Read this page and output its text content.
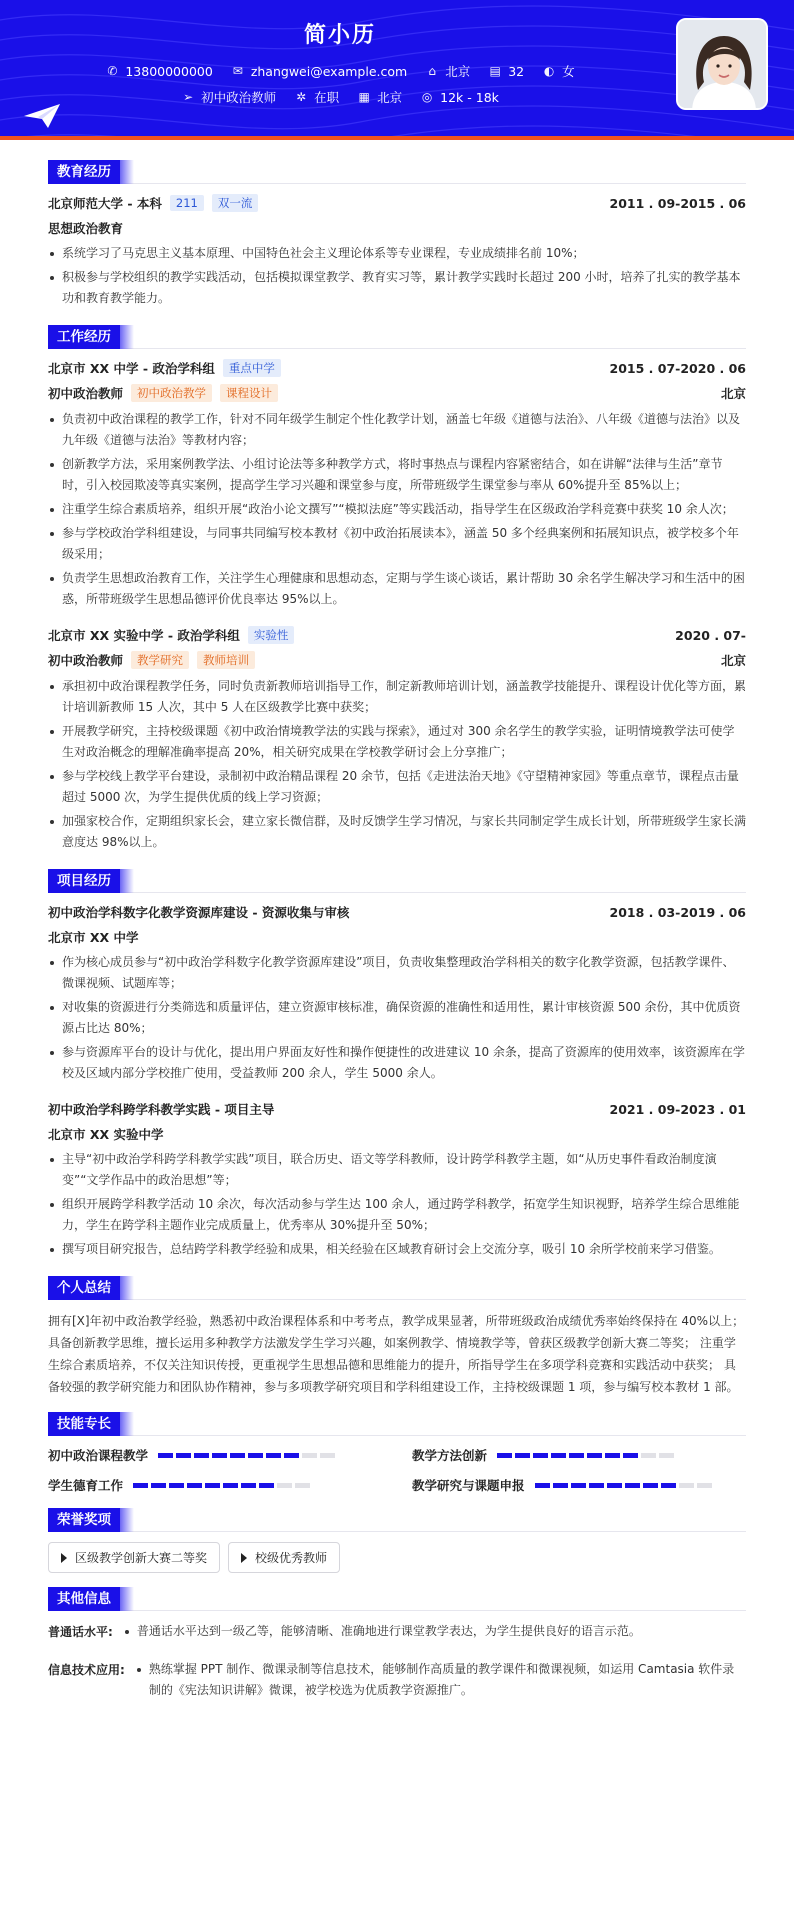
简小历
✆ 13800000000 ✉ zhangwei@example.com ⌂ 北京 ▤ 32 ◐ 女
➢ 初中政治教师 ✲ 在职 ▦ 北京 ◎ 12k - 18k
教育经历
北京师范大学 - 本科	211	双一流	2011 . 09-2015 . 06
思想政治教育
系统学习了马克思主义基本原理、中国特色社会主义理论体系等专业课程，专业成绩排名前 10%；
积极参与学校组织的教学实践活动，包括模拟课堂教学、教育实习等，累计教学实践时长超过 200 小时，培养了扎实的教学基本功和教育教学能力。
工作经历
北京市 XX 中学 - 政治学科组	重点中学	2015 . 07-2020 . 06
初中政治教师	初中政治教学	课程设计	北京
负责初中政治课程的教学工作，针对不同年级学生制定个性化教学计划，涵盖七年级《道德与法治》、八年级《道德与法治》以及九年级《道德与法治》等教材内容；
创新教学方法，采用案例教学法、小组讨论法等多种教学方式，将时事热点与课程内容紧密结合，如在讲解“法律与生活”章节时，引入校园欺凌等真实案例，提高学生学习兴趣和课堂参与度，所带班级学生课堂参与率从 60%提升至 85%以上；
注重学生综合素质培养，组织开展“政治小论文撰写”“模拟法庭”等实践活动，指导学生在区级政治学科竞赛中获奖 10 余人次；
参与学校政治学科组建设，与同事共同编写校本教材《初中政治拓展读本》，涵盖 50 多个经典案例和拓展知识点，被学校多个年级采用；
负责学生思想政治教育工作，关注学生心理健康和思想动态，定期与学生谈心谈话，累计帮助 30 余名学生解决学习和生活中的困惑，所带班级学生思想品德评价优良率达 95%以上。
北京市 XX 实验中学 - 政治学科组	实验性	2020 . 07-
初中政治教师	教学研究	教师培训	北京
承担初中政治课程教学任务，同时负责新教师培训指导工作，制定新教师培训计划，涵盖教学技能提升、课程设计优化等方面，累计培训新教师 15 人次，其中 5 人在区级教学比赛中获奖；
开展教学研究，主持校级课题《初中政治情境教学法的实践与探索》，通过对 300 余名学生的教学实验，证明情境教学法可使学生对政治概念的理解准确率提高 20%，相关研究成果在学校教学研讨会上分享推广；
参与学校线上教学平台建设，录制初中政治精品课程 20 余节，包括《走进法治天地》《守望精神家园》等重点章节，课程点击量超过 5000 次，为学生提供优质的线上学习资源；
加强家校合作，定期组织家长会，建立家长微信群，及时反馈学生学习情况，与家长共同制定学生成长计划，所带班级学生家长满意度达 98%以上。
项目经历
初中政治学科数字化教学资源库建设 - 资源收集与审核	2018 . 03-2019 . 06
北京市 XX 中学
作为核心成员参与“初中政治学科数字化教学资源库建设”项目，负责收集整理政治学科相关的数字化教学资源，包括教学课件、微课视频、试题库等；
对收集的资源进行分类筛选和质量评估，建立资源审核标准，确保资源的准确性和适用性，累计审核资源 500 余份，其中优质资源占比达 80%；
参与资源库平台的设计与优化，提出用户界面友好性和操作便捷性的改进建议 10 余条，提高了资源库的使用效率，该资源库在学校及区域内部分学校推广使用，受益教师 200 余人，学生 5000 余人。
初中政治学科跨学科教学实践 - 项目主导	2021 . 09-2023 . 01
北京市 XX 实验中学
主导“初中政治学科跨学科教学实践”项目，联合历史、语文等学科教师，设计跨学科教学主题，如“从历史事件看政治制度演变”“文学作品中的政治思想”等；
组织开展跨学科教学活动 10 余次，每次活动参与学生达 100 余人，通过跨学科教学，拓宽学生知识视野，培养学生综合思维能力，学生在跨学科主题作业完成质量上，优秀率从 30%提升至 50%；
撰写项目研究报告，总结跨学科教学经验和成果，相关经验在区域教育研讨会上交流分享，吸引 10 余所学校前来学习借鉴。
个人总结

拥有[X]年初中政治教学经验，熟悉初中政治课程体系和中考考点，教学成果显著，所带班级政治成绩优秀率始终保持在 40%以上； 具备创新教学思维，擅长运用多种教学方法激发学生学习兴趣，如案例教学、情境教学等，曾获区级教学创新大赛二等奖； 注重学生综合素质培养，不仅关注知识传授，更重视学生思想品德和思维能力的提升，所指导学生在多项学科竞赛和实践活动中获奖； 具备较强的教学研究能力和团队协作精神，参与多项教学研究项目和学科组建设工作，主持校级课题 1 项，参与编写校本教材 1 部。

技能专长
初中政治课程教学	教学方法创新
学生德育工作	教学研究与课题申报
荣誉奖项
区级教学创新大赛二等奖	校级优秀教师
其他信息
普通话水平:	普通话水平达到一级乙等，能够清晰、准确地进行课堂教学表达，为学生提供良好的语言示范。
信息技术应用:	熟练掌握 PPT 制作、微课录制等信息技术，能够制作高质量的教学课件和微课视频，如运用 Camtasia 软件录制的《宪法知识讲解》微课，被学校选为优质教学资源推广。
